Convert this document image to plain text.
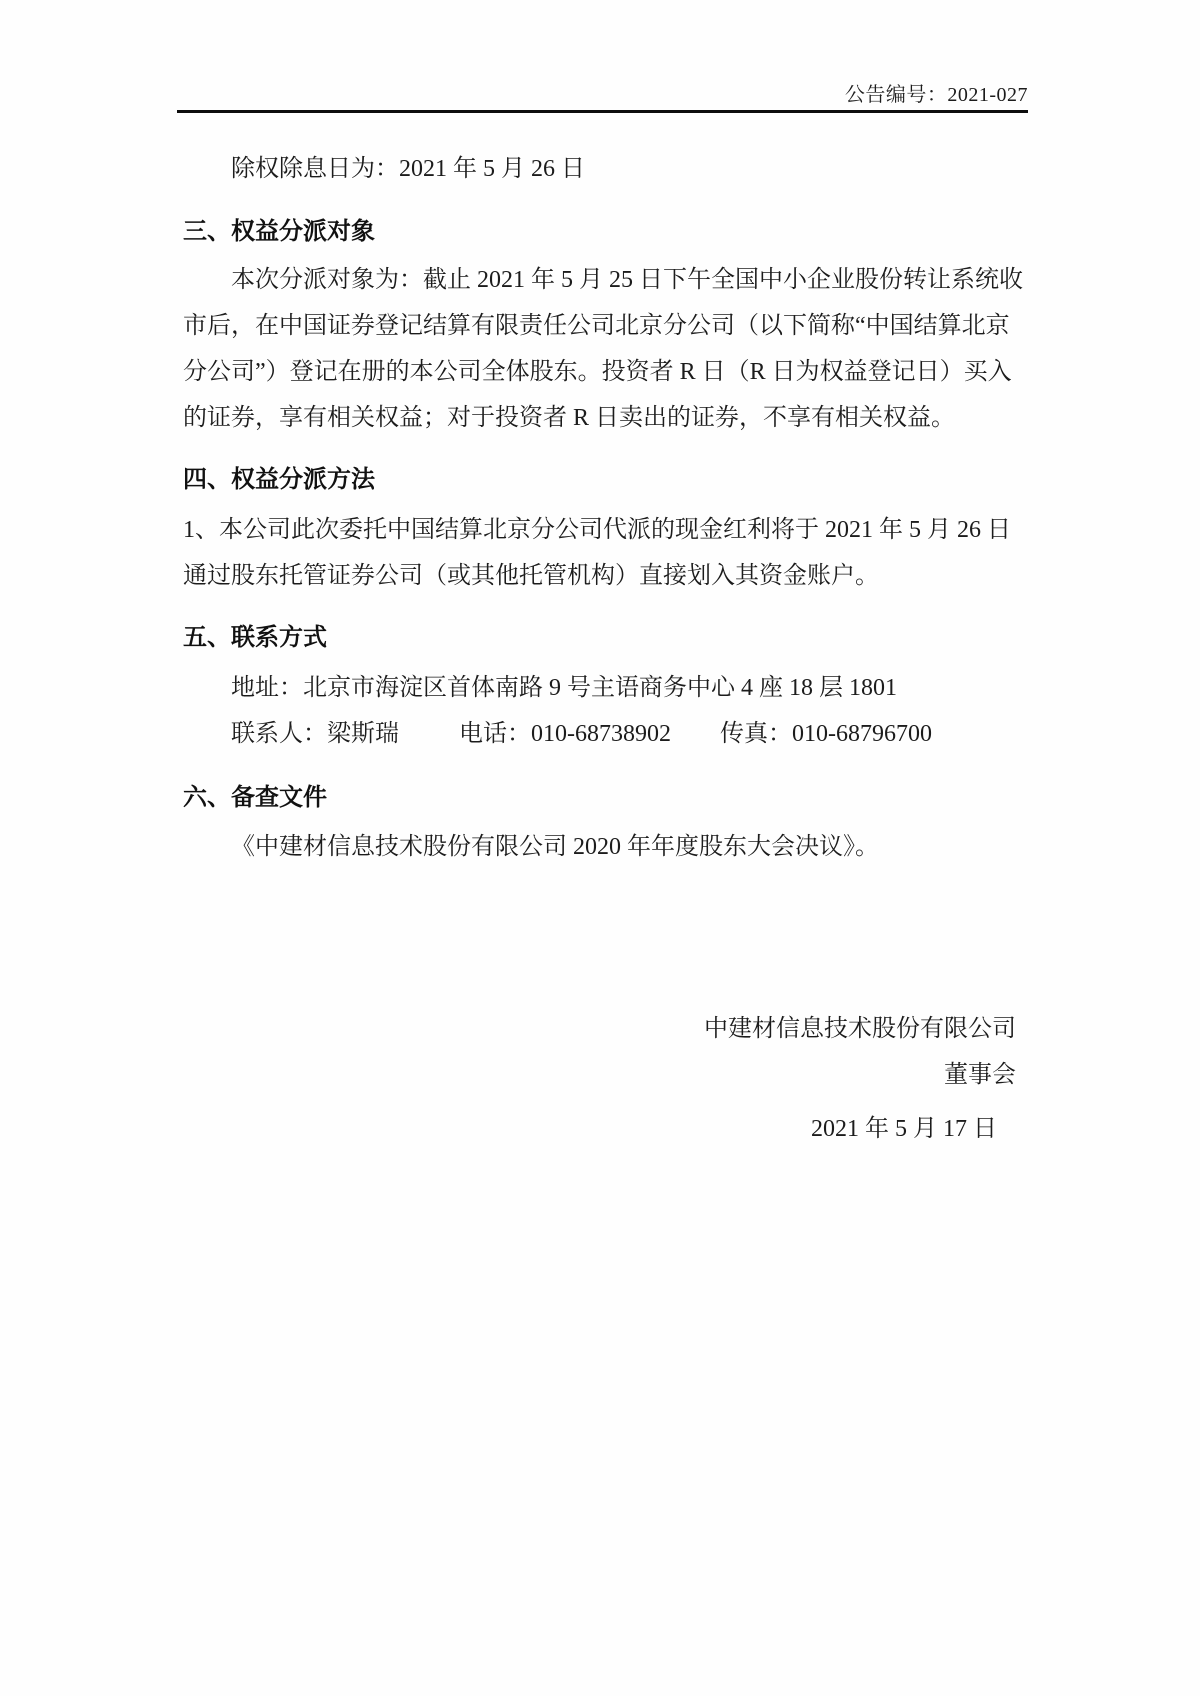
公告编号：2021-027
除权除息日为：2021 年 5 月 26 日
三、权益分派对象
本次分派对象为：截止 2021 年 5 月 25 日下午全国中小企业股份转让系统收
市后，在中国证券登记结算有限责任公司北京分公司（以下简称“中国结算北京
分公司”）登记在册的本公司全体股东。投资者 R 日（R 日为权益登记日）买入
的证券，享有相关权益；对于投资者 R 日卖出的证券，不享有相关权益。
四、权益分派方法
1、本公司此次委托中国结算北京分公司代派的现金红利将于 2021 年 5 月 26 日
通过股东托管证券公司（或其他托管机构）直接划入其资金账户。
五、联系方式
地址：北京市海淀区首体南路 9 号主语商务中心 4 座 18 层 1801
联系人：梁斯瑞	电话：010-68738902 传真：010-68796700
六、备查文件
《中建材信息技术股份有限公司 2020 年年度股东大会决议》。
中建材信息技术股份有限公司
董事会
2021 年 5 月 17 日
